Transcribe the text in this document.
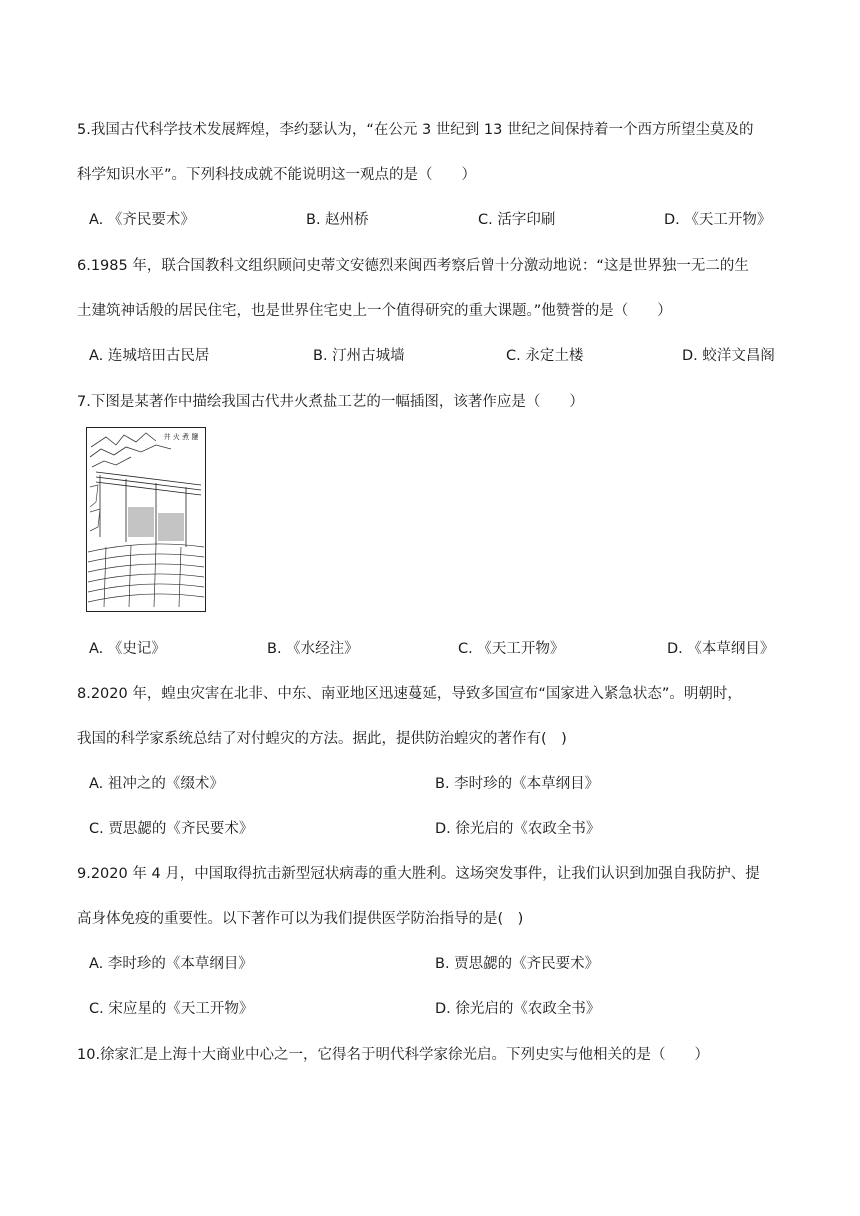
5.我国古代科学技术发展辉煌，李约瑟认为，“在公元 3 世纪到 13 世纪之间保持着一个西方所望尘莫及的
科学知识水平”。下列科技成就不能说明这一观点的是（　　）
A. 《齐民要术》	B. 赵州桥	C. 活字印刷	D. 《天工开物》
6.1985 年，联合国教科文组织顾问史蒂文安德烈来闽西考察后曾十分激动地说：“这是世界独一无二的生
土建筑神话般的居民住宅，也是世界住宅史上一个值得研究的重大课题。”他赞誉的是（　　）
A. 连城培田古民居	B. 汀州古城墙	C. 永定土楼	D. 蛟洋文昌阁
7.下图是某著作中描绘我国古代井火煮盐工艺的一幅插图，该著作应是（　　）
井 火 煮 鹽
A. 《史记》	B. 《水经注》	C. 《天工开物》	D. 《本草纲目》
8.2020 年，蝗虫灾害在北非、中东、南亚地区迅速蔓延，导致多国宣布“国家进入紧急状态”。明朝时，
我国的科学家系统总结了对付蝗灾的方法。据此，提供防治蝗灾的著作有(　)
A. 祖冲之的《缀术》	B. 李时珍的《本草纲目》
C. 贾思勰的《齐民要术》	D. 徐光启的《农政全书》
9.2020 年 4 月，中国取得抗击新型冠状病毒的重大胜利。这场突发事件，让我们认识到加强自我防护、提
高身体免疫的重要性。以下著作可以为我们提供医学防治指导的是(　)
A. 李时珍的《本草纲目》	B. 贾思勰的《齐民要术》
C. 宋应星的《天工开物》	D. 徐光启的《农政全书》
10.徐家汇是上海十大商业中心之一，它得名于明代科学家徐光启。下列史实与他相关的是（　　）
